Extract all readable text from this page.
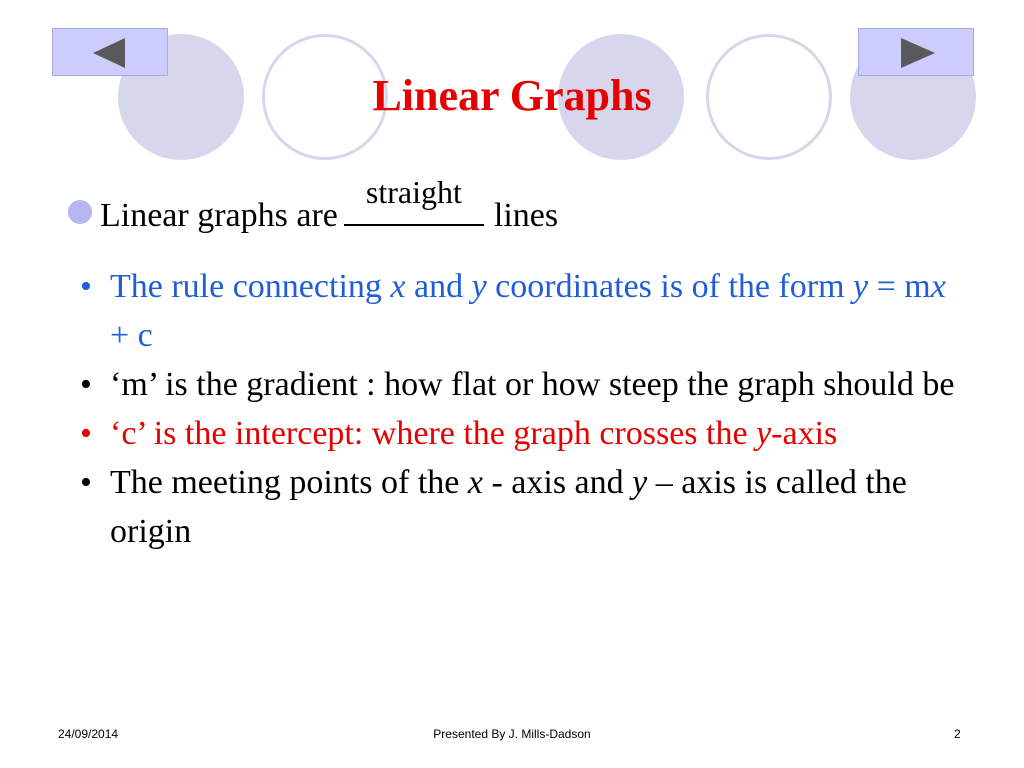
Linear Graphs
Linear graphs are
straight
lines
• The rule connecting x and y coordinates is of the form y = mx + c
• ‘m’ is the gradient : how flat or how steep the graph should be
• ‘c’ is the intercept: where the graph crosses the y-axis
• The meeting points of the x - axis and y – axis is called the origin
24/09/2014	Presented By J. Mills-Dadson	2
